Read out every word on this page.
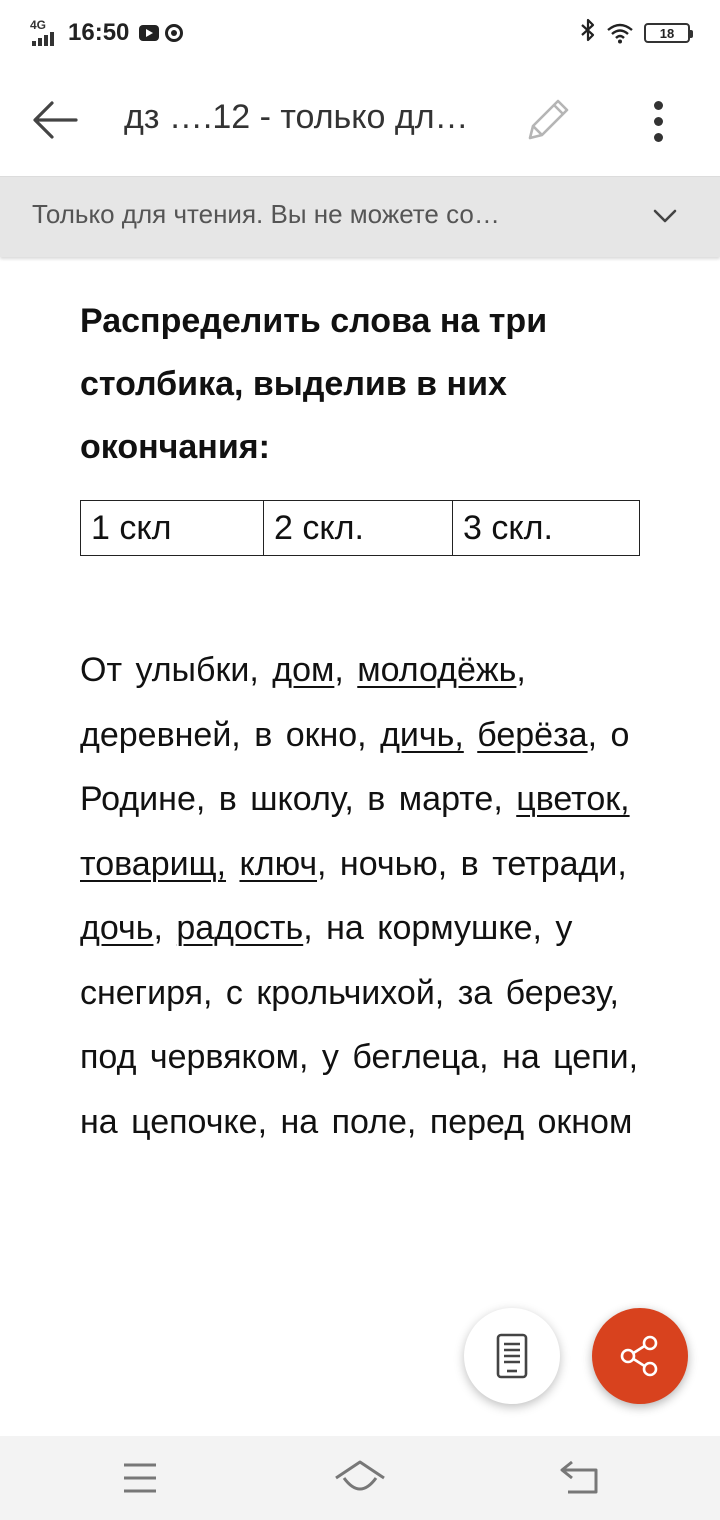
4G 16:50	18
дз ….12 - только дл…
Только для чтения. Вы не можете со…

Распределить слова на три
столбика, выделив в них
окончания:

1 скл	2 скл.	3 скл.
От улыбки, дом, молодёжь, деревней, в окно, дичь, берёза, о Родине, в школу, в марте, цветок, товарищ, ключ, ночью, в тетради, дочь, радость, на кормушке, у снегиря, с крольчихой, за березу, под червяком, у беглеца, на цепи, на цепочке, на поле, перед окном
